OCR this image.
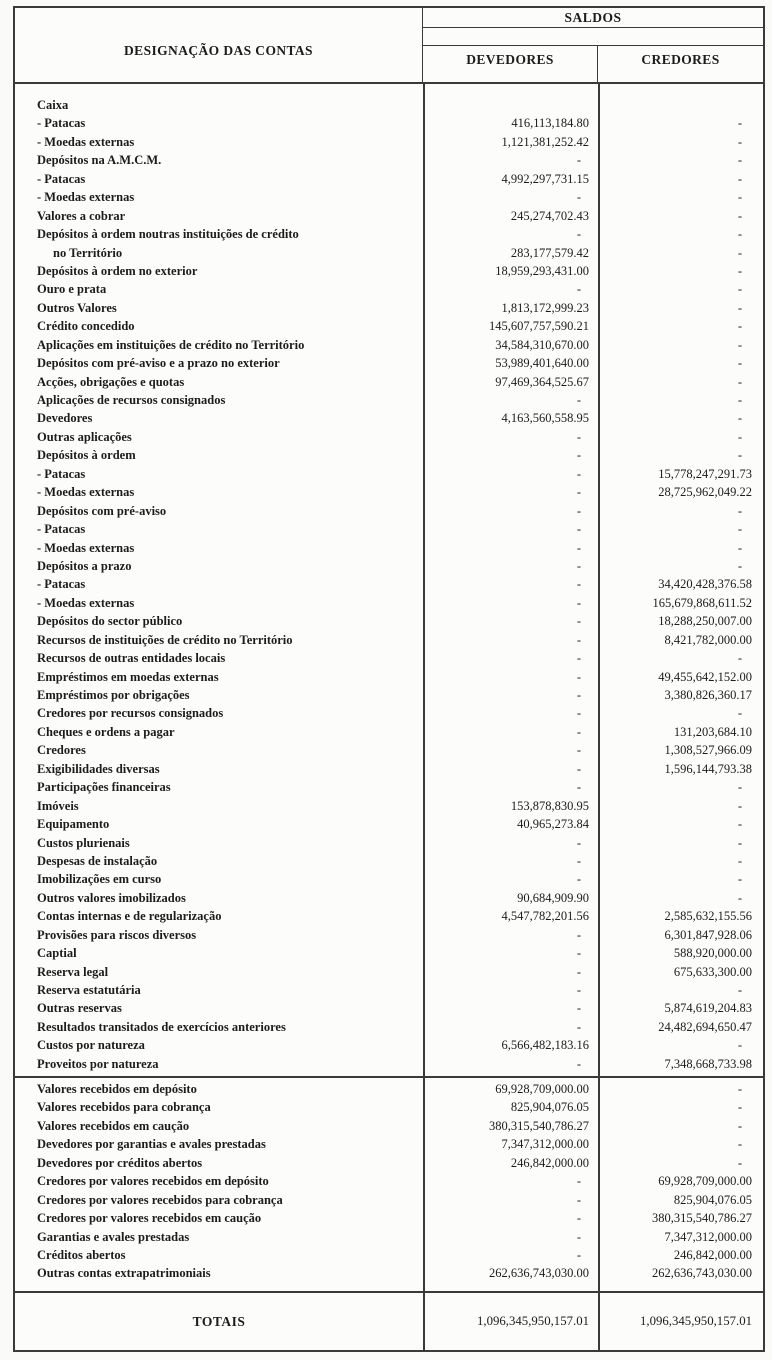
DESIGNAÇÃO DAS CONTAS
SALDOS
DEVEDORES	CREDORES
Caixa
- Patacas	416,113,184.80	-
- Moedas externas	1,121,381,252.42	-
Depósitos na A.M.C.M.	-	-
- Patacas	4,992,297,731.15	-
- Moedas externas	-	-
Valores a cobrar	245,274,702.43	-
Depósitos à ordem noutras instituições de crédito	-	-
no Território	283,177,579.42	-
Depósitos à ordem no exterior	18,959,293,431.00	-
Ouro e prata	-	-
Outros Valores	1,813,172,999.23	-
Crédito concedido	145,607,757,590.21	-
Aplicações em instituições de crédito no Território	34,584,310,670.00	-
Depósitos com pré-aviso e a prazo no exterior	53,989,401,640.00	-
Acções, obrigações e quotas	97,469,364,525.67	-
Aplicações de recursos consignados	-	-
Devedores	4,163,560,558.95	-
Outras aplicações	-	-
Depósitos à ordem	-	-
- Patacas	-	15,778,247,291.73
- Moedas externas	-	28,725,962,049.22
Depósitos com pré-aviso	-	-
- Patacas	-	-
- Moedas externas	-	-
Depósitos a prazo	-	-
- Patacas	-	34,420,428,376.58
- Moedas externas	-	165,679,868,611.52
Depósitos do sector público	-	18,288,250,007.00
Recursos de instituições de crédito no Território	-	8,421,782,000.00
Recursos de outras entidades locais	-	-
Empréstimos em moedas externas	-	49,455,642,152.00
Empréstimos por obrigações	-	3,380,826,360.17
Credores por recursos consignados	-	-
Cheques e ordens a pagar	-	131,203,684.10
Credores	-	1,308,527,966.09
Exigibilidades diversas	-	1,596,144,793.38
Participações financeiras	-	-
Imóveis	153,878,830.95	-
Equipamento	40,965,273.84	-
Custos plurienais	-	-
Despesas de instalação	-	-
Imobilizações em curso	-	-
Outros valores imobilizados	90,684,909.90	-
Contas internas e de regularização	4,547,782,201.56	2,585,632,155.56
Provisões para riscos diversos	-	6,301,847,928.06
Captial	-	588,920,000.00
Reserva legal	-	675,633,300.00
Reserva estatutária	-	-
Outras reservas	-	5,874,619,204.83
Resultados transitados de exercícios anteriores	-	24,482,694,650.47
Custos por natureza	6,566,482,183.16	-
Proveitos por natureza	-	7,348,668,733.98
Valores recebidos em depósito	69,928,709,000.00	-
Valores recebidos para cobrança	825,904,076.05	-
Valores recebidos em caução	380,315,540,786.27	-
Devedores por garantias e avales prestadas	7,347,312,000.00	-
Devedores por créditos abertos	246,842,000.00	-
Credores por valores recebidos em depósito	-	69,928,709,000.00
Credores por valores recebidos para cobrança	-	825,904,076.05
Credores por valores recebidos em caução	-	380,315,540,786.27
Garantias e avales prestadas	-	7,347,312,000.00
Créditos abertos	-	246,842,000.00
Outras contas extrapatrimoniais	262,636,743,030.00	262,636,743,030.00
TOTAIS	1,096,345,950,157.01	1,096,345,950,157.01
